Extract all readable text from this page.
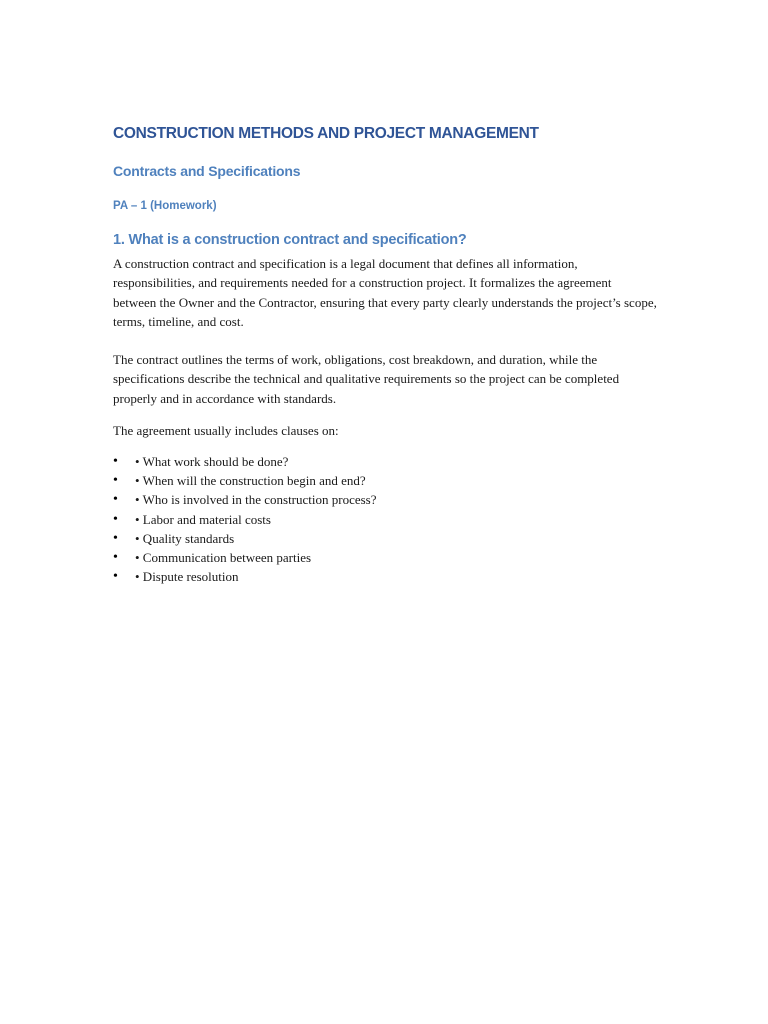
CONSTRUCTION METHODS AND PROJECT MANAGEMENT
Contracts and Specifications
PA – 1 (Homework)
1. What is a construction contract and specification?

A construction contract and specification is a legal document that defines all information, responsibilities, and requirements needed for a construction project. It formalizes the agreement between the Owner and the Contractor, ensuring that every party clearly understands the project’s scope, terms, timeline, and cost.

The contract outlines the terms of work, obligations, cost breakdown, and duration, while the specifications describe the technical and qualitative requirements so the project can be completed properly and in accordance with standards.

The agreement usually includes clauses on:

• • What work should be done?
• • When will the construction begin and end?
• • Who is involved in the construction process?
• • Labor and material costs
• • Quality standards
• • Communication between parties
• • Dispute resolution
